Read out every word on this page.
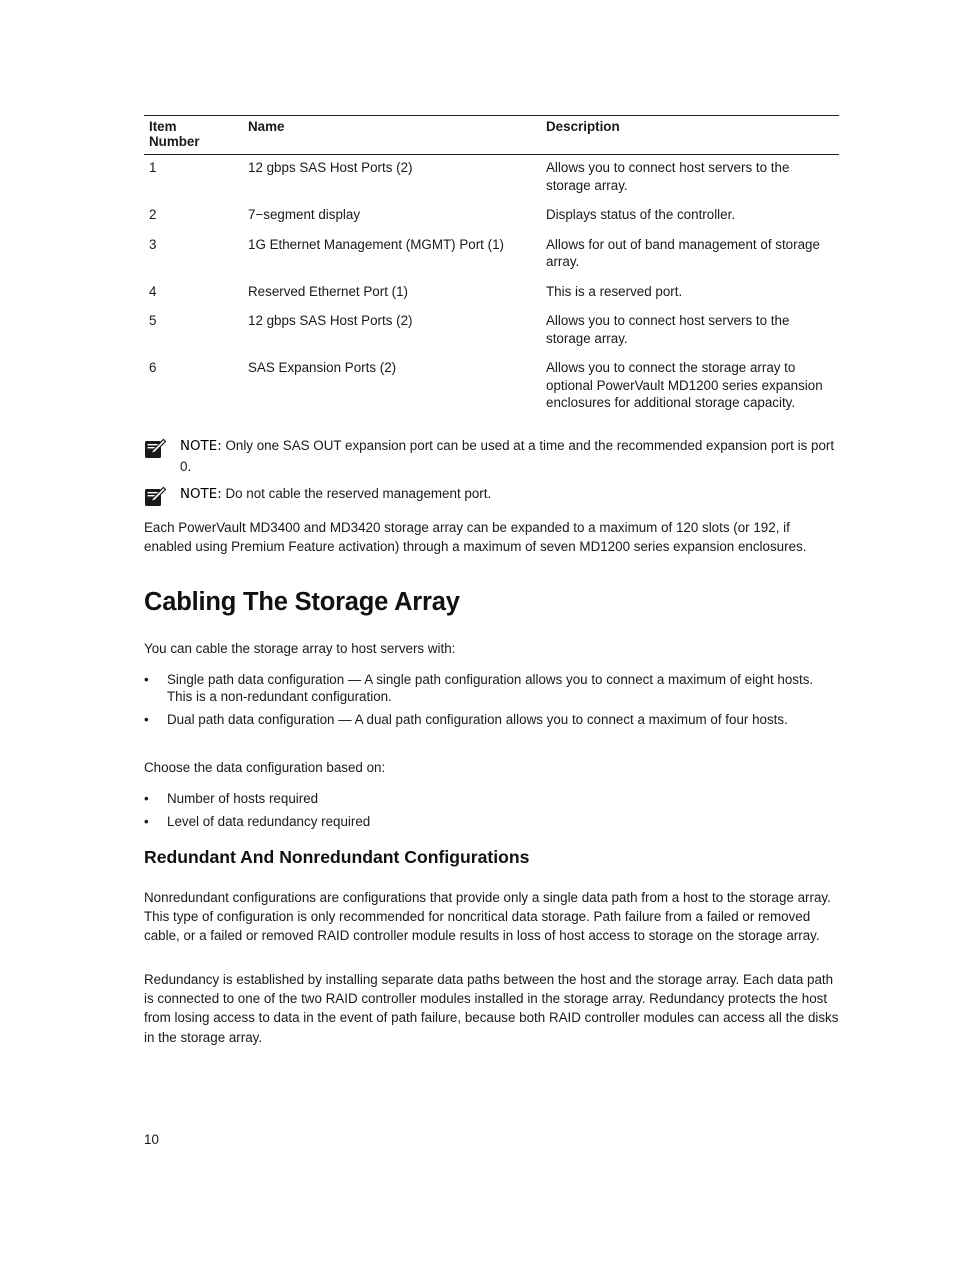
Item
Number	Name	Description
1	12 gbps SAS Host Ports (2)	Allows you to connect host servers to the storage array.
2	7−segment display	Displays status of the controller.
3	1G Ethernet Management (MGMT) Port (1)	Allows for out of band management of storage array.
4	Reserved Ethernet Port (1)	This is a reserved port.
5	12 gbps SAS Host Ports (2)	Allows you to connect host servers to the storage array.
6	SAS Expansion Ports (2)	Allows you to connect the storage array to optional PowerVault MD1200 series expansion enclosures for additional storage capacity.
NOTE: Only one SAS OUT expansion port can be used at a time and the recommended expansion port is port 0.
NOTE: Do not cable the reserved management port.

Each PowerVault MD3400 and MD3420 storage array can be expanded to a maximum of 120 slots (or 192, if enabled using Premium Feature activation) through a maximum of seven MD1200 series expansion enclosures.

Cabling The Storage Array

You can cable the storage array to host servers with:

• Single path data configuration — A single path configuration allows you to connect a maximum of eight hosts. This is a non-redundant configuration.
• Dual path data configuration — A dual path configuration allows you to connect a maximum of four hosts.

Choose the data configuration based on:

• Number of hosts required
• Level of data redundancy required
Redundant And Nonredundant Configurations

Nonredundant configurations are configurations that provide only a single data path from a host to the storage array. This type of configuration is only recommended for noncritical data storage. Path failure from a failed or removed cable, or a failed or removed RAID controller module results in loss of host access to storage on the storage array.

Redundancy is established by installing separate data paths between the host and the storage array. Each data path is connected to one of the two RAID controller modules installed in the storage array. Redundancy protects the host from losing access to data in the event of path failure, because both RAID controller modules can access all the disks in the storage array.

10
